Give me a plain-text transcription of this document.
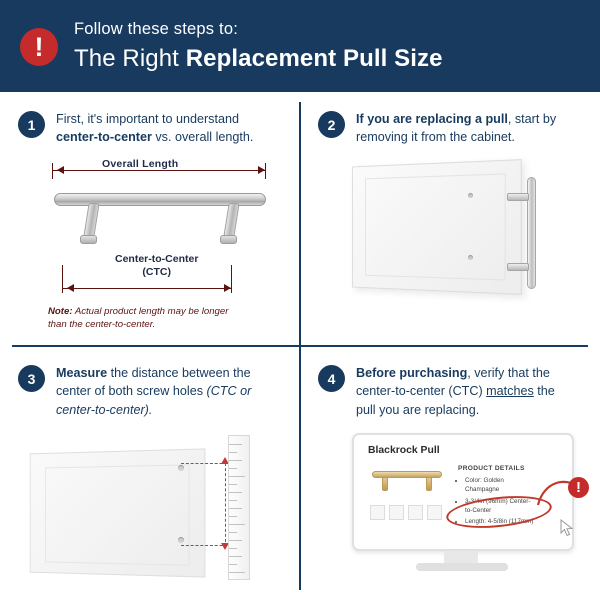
!
Follow these steps to:
The Right Replacement Pull Size
1	First, it's important to understand center-to-center vs. overall length.
Overall Length
Center-to-Center
(CTC)
Note: Actual product length may be longer than the center-to-center.
2	If you are replacing a pull, start by removing it from the cabinet.
3	Measure the distance between the center of both screw holes (CTC or center-to-center).
4	Before purchasing, verify that the center-to-center (CTC) matches the pull you are replacing.
Blackrock Pull
PRODUCT DETAILS
• Color: Golden Champagne
• 3-3/4in (96mm) Center-to-Center
• Length: 4-5/8in (117mm)
!
